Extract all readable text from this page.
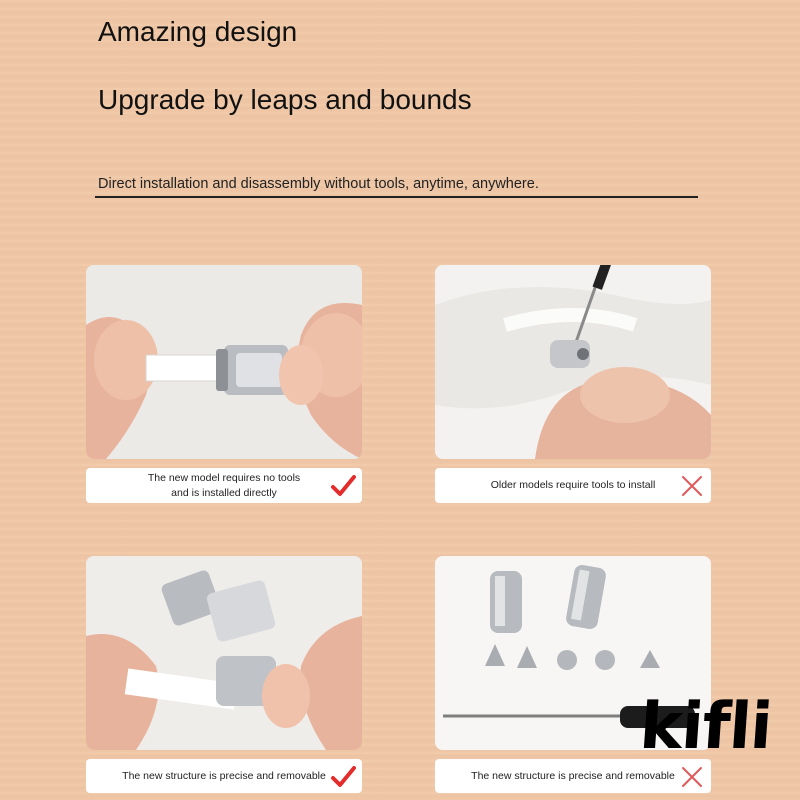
Amazing design
Upgrade by leaps and bounds
Direct installation and disassembly without tools, anytime, anywhere.
The new model requires no tools
and is installed directly
Older models require tools to install
The new structure is precise and removable	The new structure is precise and removable
kifli
